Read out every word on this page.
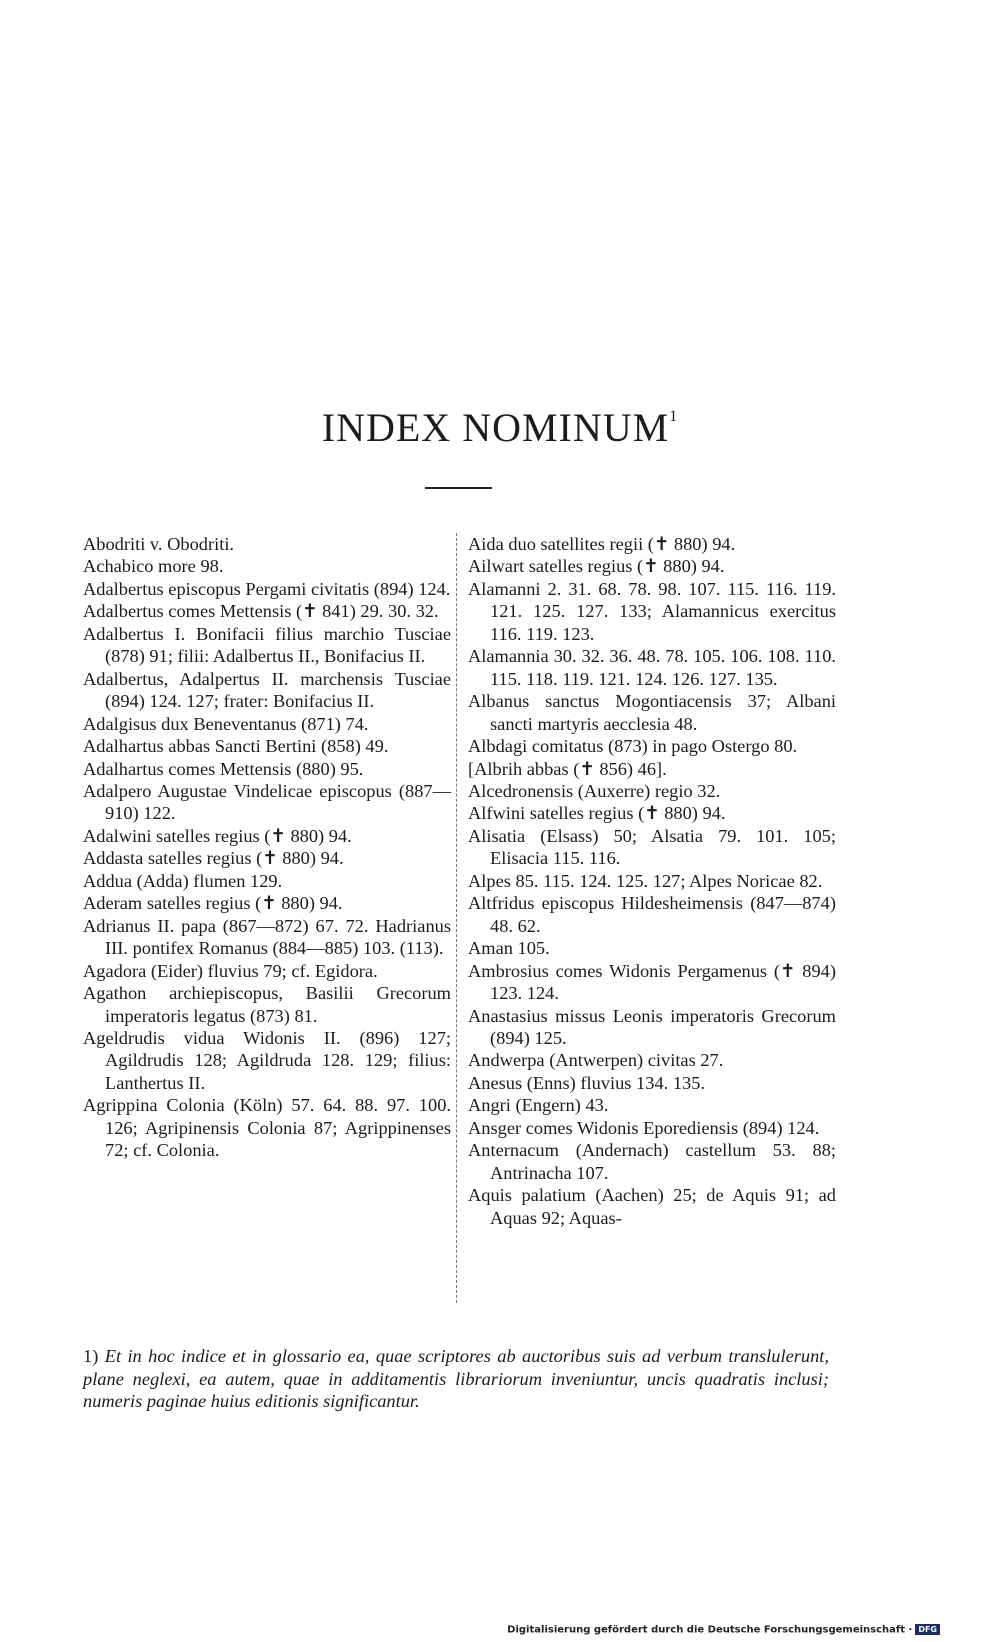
INDEX NOMINUM$^1$
Abodriti v. Obodriti.
Achabico more 98.
Adalbertus episcopus Pergami civitatis (894) 124.
Adalbertus comes Mettensis (✝ 841) 29. 30. 32.
Adalbertus I. Bonifacii filius marchio Tusciae (878) 91; filii: Adalbertus II., Bonifacius II.
Adalbertus, Adalpertus II. marchensis Tusciae (894) 124. 127; frater: Bonifacius II.
Adalgisus dux Beneventanus (871) 74.
Adalhartus abbas Sancti Bertini (858) 49.
Adalhartus comes Mettensis (880) 95.
Adalpero Augustae Vindelicae episcopus (887—910) 122.
Adalwini satelles regius (✝ 880) 94.
Addasta satelles regius (✝ 880) 94.
Addua (Adda) flumen 129.
Aderam satelles regius (✝ 880) 94.
Adrianus II. papa (867—872) 67. 72. Hadrianus III. pontifex Romanus (884—885) 103. (113).
Agadora (Eider) fluvius 79; cf. Egidora.
Agathon archiepiscopus, Basilii Grecorum imperatoris legatus (873) 81.
Ageldrudis vidua Widonis II. (896) 127; Agildrudis 128; Agildruda 128. 129; filius: Lanthertus II.
Agrippina Colonia (Köln) 57. 64. 88. 97. 100. 126; Agripinensis Colonia 87; Agrippinenses 72; cf. Colonia.
Aida duo satellites regii (✝ 880) 94.
Ailwart satelles regius (✝ 880) 94.
Alamanni 2. 31. 68. 78. 98. 107. 115. 116. 119. 121. 125. 127. 133; Alamannicus exercitus 116. 119. 123.
Alamannia 30. 32. 36. 48. 78. 105. 106. 108. 110. 115. 118. 119. 121. 124. 126. 127. 135.
Albanus sanctus Mogontiacensis 37; Albani sancti martyris aecclesia 48.
Albdagi comitatus (873) in pago Ostergo 80.
[Albrih abbas (✝ 856) 46].
Alcedronensis (Auxerre) regio 32.
Alfwini satelles regius (✝ 880) 94.
Alisatia (Elsass) 50; Alsatia 79. 101. 105; Elisacia 115. 116.
Alpes 85. 115. 124. 125. 127; Alpes Noricae 82.
Altfridus episcopus Hildesheimensis (847—874) 48. 62.
Aman 105.
Ambrosius comes Widonis Pergamenus (✝ 894) 123. 124.
Anastasius missus Leonis imperatoris Grecorum (894) 125.
Andwerpa (Antwerpen) civitas 27.
Anesus (Enns) fluvius 134. 135.
Angri (Engern) 43.
Ansger comes Widonis Eporediensis (894) 124.
Anternacum (Andernach) castellum 53. 88; Antrinacha 107.
Aquis palatium (Aachen) 25; de Aquis 91; ad Aquas 92; Aquas-
1) Et in hoc indice et in glossario ea, quae scriptores ab auctoribus suis ad verbum translulerunt, plane neglexi, ea autem, quae in additamentis librariorum inveniuntur, uncis quadratis inclusi; numeris paginae huius editionis significantur.
Digitalisierung gefördert durch die Deutsche Forschungsgemeinschaft · DFG
